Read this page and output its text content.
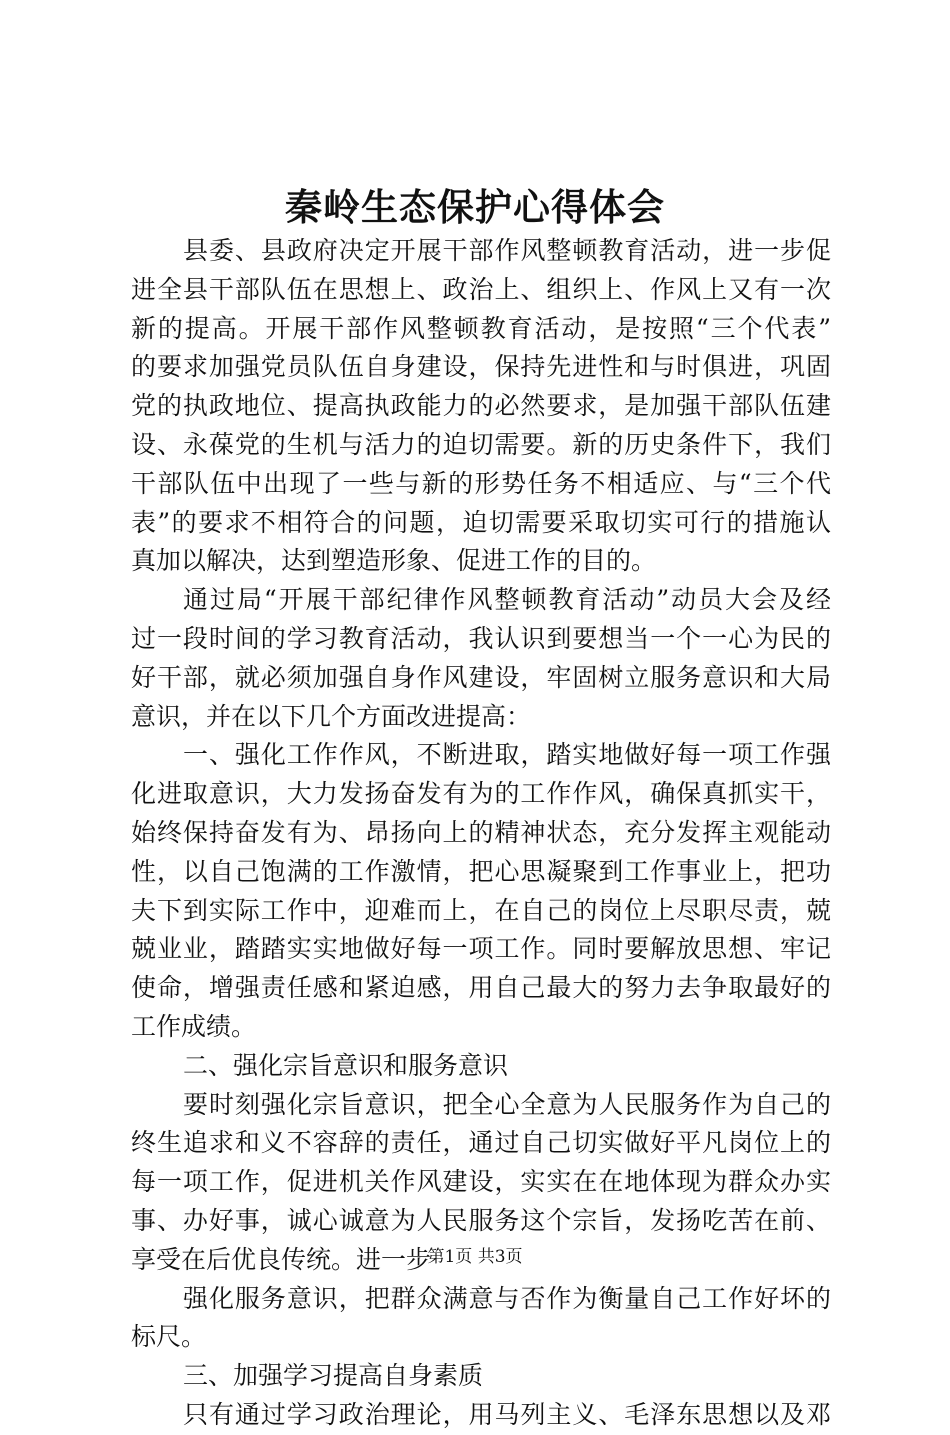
秦岭生态保护心得体会
县委、县政府决定开展干部作风整顿教育活动，进一步促
进全县干部队伍在思想上、政治上、组织上、作风上又有一次
新的提高。开展干部作风整顿教育活动，是按照“三个代表”
的要求加强党员队伍自身建设，保持先进性和与时俱进，巩固
党的执政地位、提高执政能力的必然要求，是加强干部队伍建
设、永葆党的生机与活力的迫切需要。新的历史条件下，我们
干部队伍中出现了一些与新的形势任务不相适应、与“三个代
表”的要求不相符合的问题，迫切需要采取切实可行的措施认
真加以解决，达到塑造形象、促进工作的目的。
通过局“开展干部纪律作风整顿教育活动”动员大会及经
过一段时间的学习教育活动，我认识到要想当一个一心为民的
好干部，就必须加强自身作风建设，牢固树立服务意识和大局
意识，并在以下几个方面改进提高：
一、强化工作作风，不断进取，踏实地做好每一项工作强
化进取意识，大力发扬奋发有为的工作作风，确保真抓实干，
始终保持奋发有为、昂扬向上的精神状态，充分发挥主观能动
性，以自己饱满的工作激情，把心思凝聚到工作事业上，把功
夫下到实际工作中，迎难而上，在自己的岗位上尽职尽责，兢
兢业业，踏踏实实地做好每一项工作。同时要解放思想、牢记
使命，增强责任感和紧迫感，用自己最大的努力去争取最好的
工作成绩。
二、强化宗旨意识和服务意识
要时刻强化宗旨意识，把全心全意为人民服务作为自己的
终生追求和义不容辞的责任，通过自己切实做好平凡岗位上的
每一项工作，促进机关作风建设，实实在在地体现为群众办实
事、办好事，诚心诚意为人民服务这个宗旨，发扬吃苦在前、
享受在后优良传统。进一步
强化服务意识，把群众满意与否作为衡量自己工作好坏的
标尺。
三、加强学习提高自身素质
只有通过学习政治理论，用马列主义、毛泽东思想以及邓
第1页 共3页
